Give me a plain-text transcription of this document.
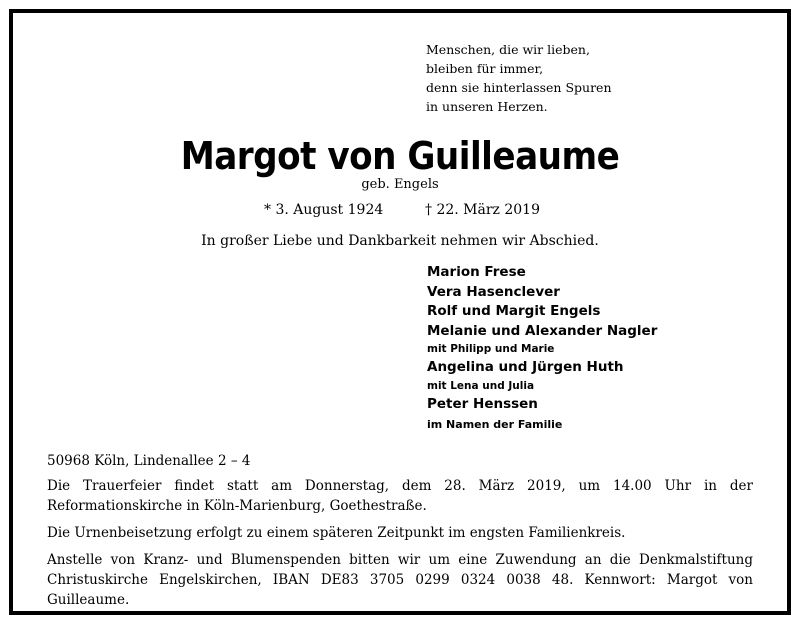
Menschen, die wir lieben,
bleiben für immer,
denn sie hinterlassen Spuren
in unseren Herzen.
Margot von Guilleaume
geb. Engels
* 3. August 1924	† 22. März 2019
In großer Liebe und Dankbarkeit nehmen wir Abschied.
Marion Frese
Vera Hasenclever
Rolf und Margit Engels
Melanie und Alexander Nagler
mit Philipp und Marie
Angelina und Jürgen Huth
mit Lena und Julia
Peter Henssen
im Namen der Familie

50968 Köln, Lindenallee 2 – 4

Die Trauerfeier findet statt am Donnerstag, dem 28. März 2019, um 14.00 Uhr in der Reformationskirche in Köln-Marienburg, Goethestraße.

Die Urnenbeisetzung erfolgt zu einem späteren Zeitpunkt im engsten Familienkreis.

Anstelle von Kranz- und Blumenspenden bitten wir um eine Zuwendung an die Denkmalstiftung Christuskirche Engelskirchen, IBAN DE83 3705 0299 0324 0038 48. Kennwort: Margot von Guilleaume.
